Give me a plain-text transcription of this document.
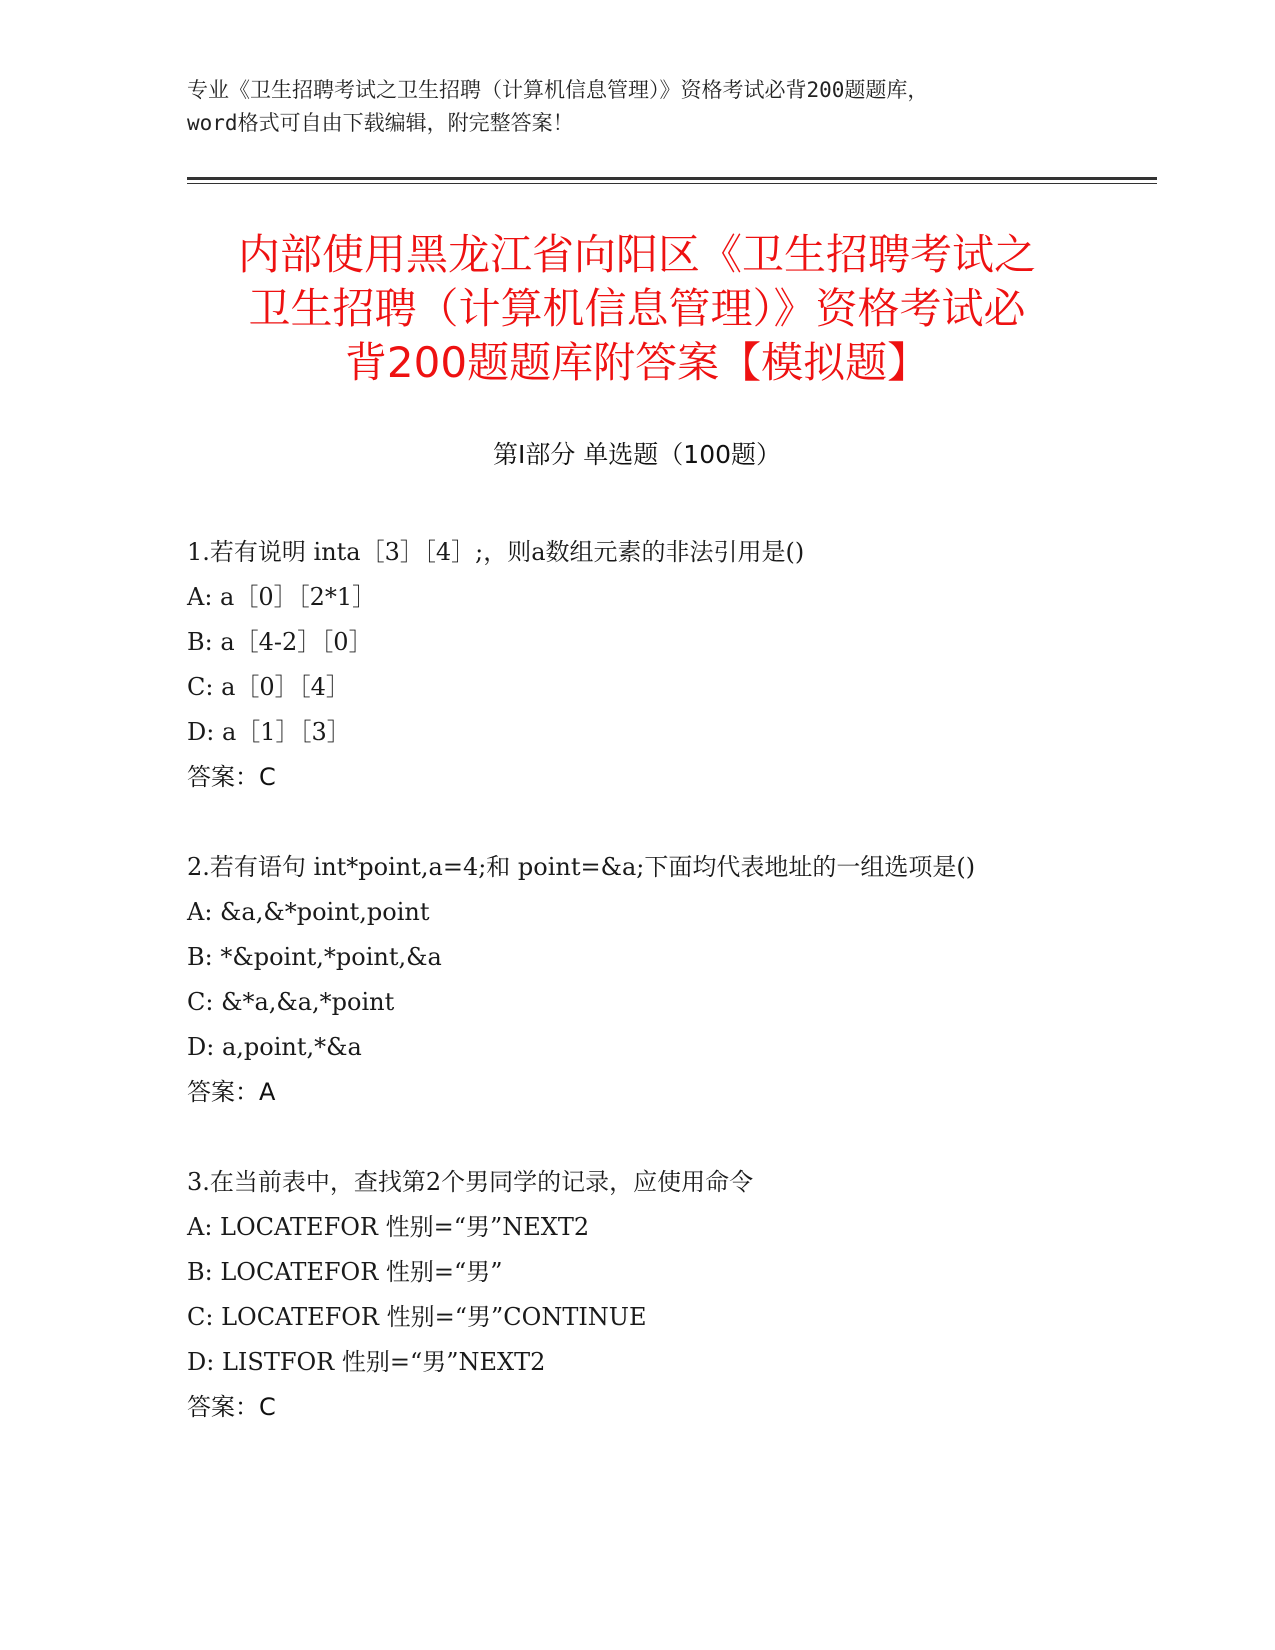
专业《卫生招聘考试之卫生招聘（计算机信息管理）》资格考试必背200题题库，
word格式可自由下载编辑，附完整答案！
内部使用黑龙江省向阳区《卫生招聘考试之
卫生招聘（计算机信息管理）》资格考试必
背200题题库附答案【模拟题】
第Ⅰ部分 单选题（100题）
1.若有说明 inta［3］［4］;，则a数组元素的非法引用是()
A: a［0］［2*1］
B: a［4-2］［0］
C: a［0］［4］
D: a［1］［3］
答案：C
2.若有语句 int*point,a=4;和 point=&a;下面均代表地址的一组选项是()
A: &a,&*point,point
B: *&point,*point,&a
C: &*a,&a,*point
D: a,point,*&a
答案：A
3.在当前表中，查找第2个男同学的记录，应使用命令
A: LOCATEFOR 性别=“男”NEXT2
B: LOCATEFOR 性别=“男”
C: LOCATEFOR 性别=“男”CONTINUE
D: LISTFOR 性别=“男”NEXT2
答案：C
